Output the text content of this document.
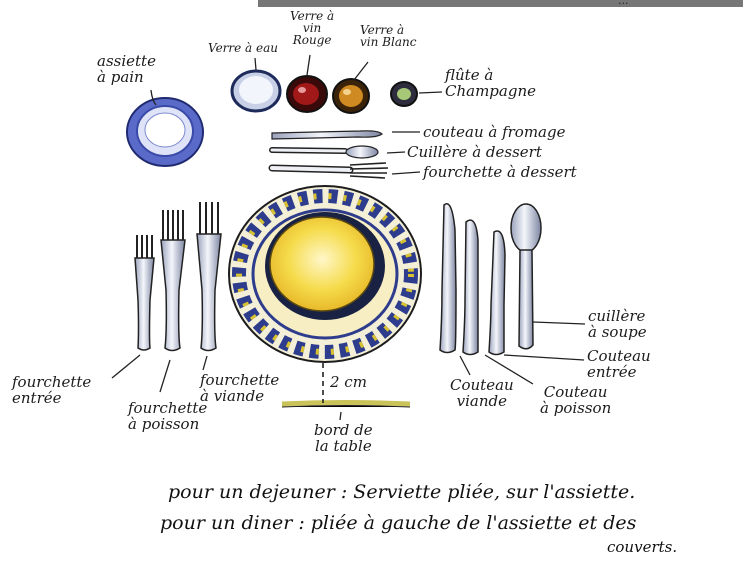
...
assiette
à pain
Verre à eau
Verre à
vin
Rouge
Verre à
vin Blanc
flûte à
Champagne
couteau à fromage
Cuillère à dessert
fourchette à dessert
fourchette
entrée
fourchette
à poisson
fourchette
à viande
2 cm
bord de
la table
Couteau
viande	Couteau
à poisson
cuillère
à soupe
Couteau
entrée
pour un dejeuner : Serviette pliée, sur l'assiette.
pour un diner : pliée à gauche de l'assiette et des
couverts.
